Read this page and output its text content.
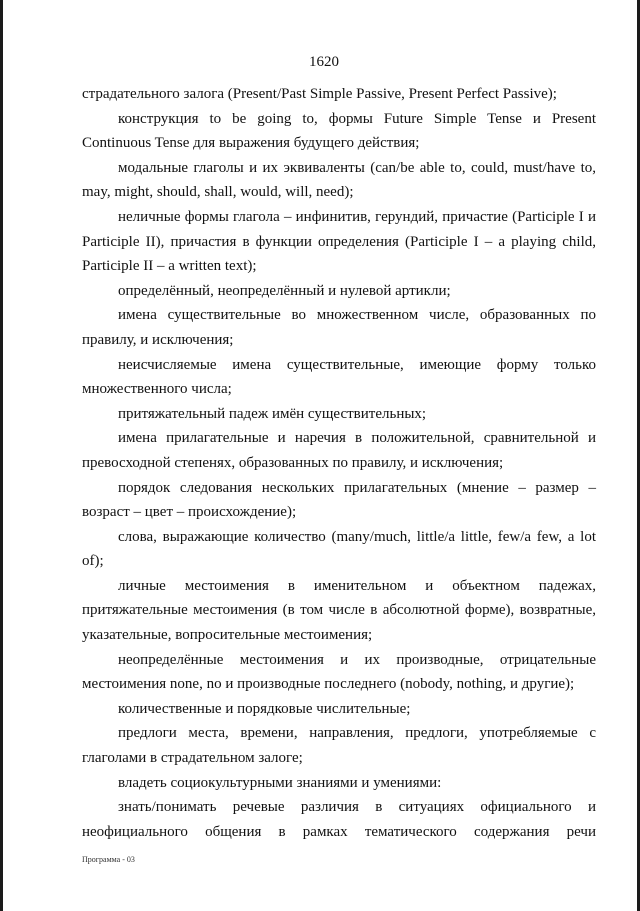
1620

страдательного залога (Present/Past Simple Passive, Present Perfect Passive);

конструкция to be going to, формы Future Simple Tense и Present Continuous Tense для выражения будущего действия;

модальные глаголы и их эквиваленты (can/be able to, could, must/have to, may, might, should, shall, would, will, need);

неличные формы глагола – инфинитив, герундий, причастие (Participle I и Participle II), причастия в функции определения (Participle I – a playing child, Participle II – a written text);

определённый, неопределённый и нулевой артикли;

имена существительные во множественном числе, образованных по правилу, и исключения;

неисчисляемые имена существительные, имеющие форму только множественного числа;

притяжательный падеж имён существительных;

имена прилагательные и наречия в положительной, сравнительной и превосходной степенях, образованных по правилу, и исключения;

порядок следования нескольких прилагательных (мнение – размер – возраст – цвет – происхождение);

слова, выражающие количество (many/much, little/a little, few/a few, a lot of);

личные местоимения в именительном и объектном падежах, притяжательные местоимения (в том числе в абсолютной форме), возвратные, указательные, вопросительные местоимения;

неопределённые местоимения и их производные, отрицательные местоимения none, no и производные последнего (nobody, nothing, и другие);

количественные и порядковые числительные;

предлоги места, времени, направления, предлоги, употребляемые с глаголами в страдательном залоге;

владеть социокультурными знаниями и умениями:

знать/понимать речевые различия в ситуациях официального и неофициального общения в рамках тематического содержания речи

Программа - 03
